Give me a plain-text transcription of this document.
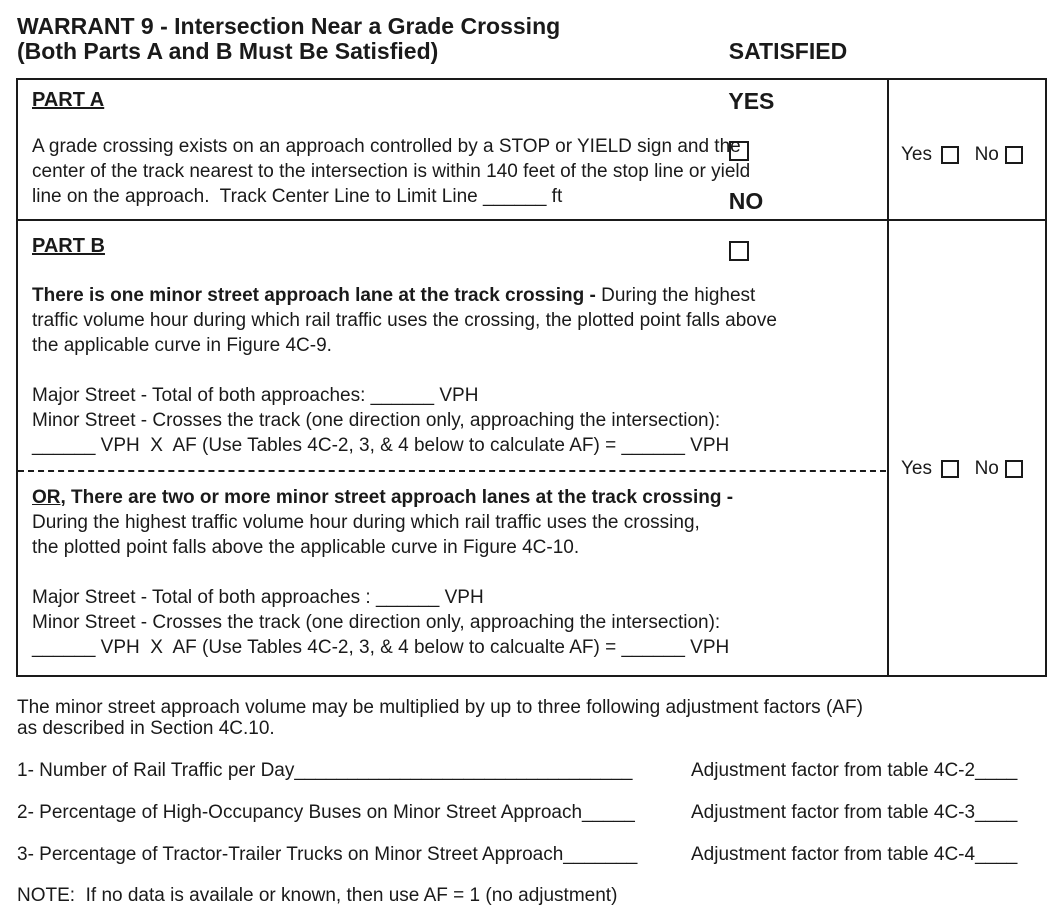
WARRANT 9 - Intersection Near a Grade Crossing
(Both Parts A and B Must Be Satisfied)	SATISFIED

YES

NO

PART A
A grade crossing exists on an approach controlled by a STOP or YIELD sign and the
center of the track nearest to the intersection is within 140 feet of the stop line or yield
line on the approach.  Track Center Line to Limit Line ______ ft
Yes No
PART B
There is one minor street approach lane at the track crossing - During the highest
traffic volume hour during which rail traffic uses the crossing, the plotted point falls above
the applicable curve in Figure 4C-9.
Major Street - Total of both approaches: ______ VPH
Minor Street - Crosses the track (one direction only, approaching the intersection):
______ VPH  X  AF (Use Tables 4C-2, 3, & 4 below to calculate AF) = ______ VPH
OR, There are two or more minor street approach lanes at the track crossing -
During the highest traffic volume hour during which rail traffic uses the crossing,
the plotted point falls above the applicable curve in Figure 4C-10.
Major Street - Total of both approaches : ______ VPH
Minor Street - Crosses the track (one direction only, approaching the intersection):
______ VPH  X  AF (Use Tables 4C-2, 3, & 4 below to calcualte AF) = ______ VPH
Yes No
The minor street approach volume may be multiplied by up to three following adjustment factors (AF)
as described in Section 4C.10.
1- Number of Rail Traffic per Day________________________________	Adjustment factor from table 4C-2____
2- Percentage of High-Occupancy Buses on Minor Street Approach_____	Adjustment factor from table 4C-3____
3- Percentage of Tractor-Trailer Trucks on Minor Street Approach_______	Adjustment factor from table 4C-4____
NOTE:  If no data is availale or known, then use AF = 1 (no adjustment)
